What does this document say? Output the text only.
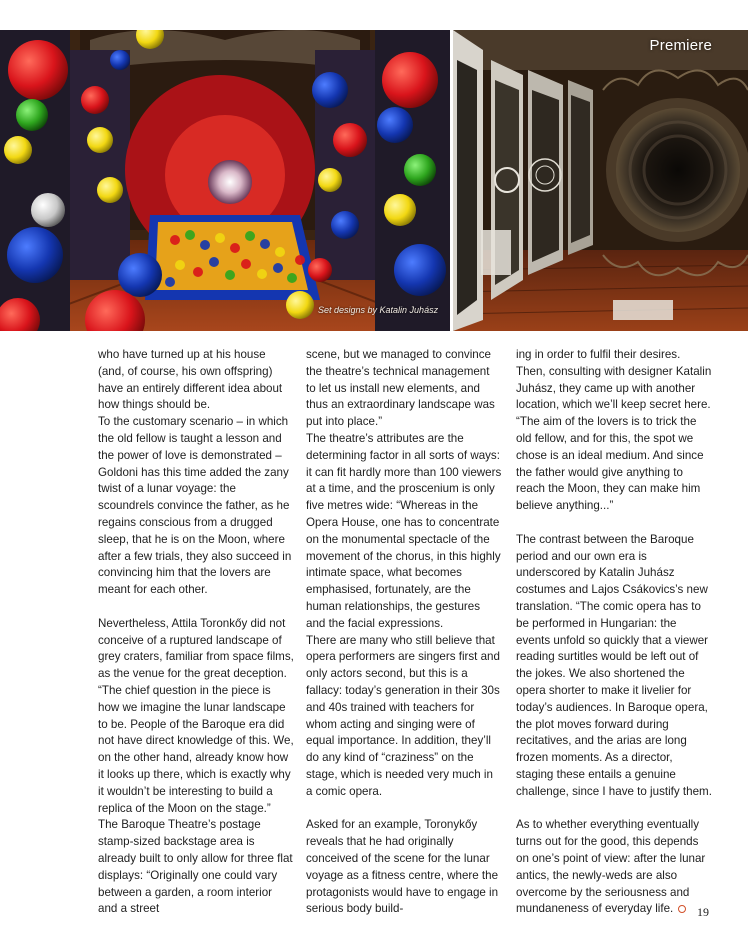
Premiere
Set designs by Katalin Juhász

who have turned up at his house (and, of course, his own offspring) have an entirely different idea about how things should be.

To the customary scenario – in which the old fellow is taught a lesson and the power of love is demonstrated – Goldoni has this time added the zany twist of a lunar voyage: the scoundrels convince the father, as he regains conscious from a drugged sleep, that he is on the Moon, where after a few trials, they also succeed in convincing him that the lovers are meant for each other.

Nevertheless, Attila Toronkőy did not conceive of a ruptured landscape of grey craters, familiar from space films, as the venue for the great deception. “The chief question in the piece is how we imagine the lunar landscape to be. People of the Baroque era did not have direct knowledge of this. We, on the other hand, already know how it looks up there, which is exactly why it wouldn’t be interesting to build a replica of the Moon on the stage.”

The Baroque Theatre’s postage stamp-sized backstage area is already built to only allow for three flat displays: “Originally one could vary between a garden, a room interior and a street

scene, but we managed to convince the theatre’s technical management to let us install new elements, and thus an extraordinary landscape was put into place.”

The theatre’s attributes are the determining factor in all sorts of ways: it can fit hardly more than 100 viewers at a time, and the proscenium is only five metres wide: “Whereas in the Opera House, one has to concentrate on the monumental spectacle of the movement of the chorus, in this highly intimate space, what becomes emphasised, fortunately, are the human relationships, the gestures and the facial expressions.

There are many who still believe that opera performers are singers first and only actors second, but this is a fallacy: today’s generation in their 30s and 40s trained with teachers for whom acting and singing were of equal importance. In addition, they’ll do any kind of “craziness” on the stage, which is needed very much in a comic opera.

Asked for an example, Toronykőy reveals that he had originally conceived of the scene for the lunar voyage as a fitness centre, where the protagonists would have to engage in serious body build-

ing in order to fulfil their desires. Then, consulting with designer Katalin Juhász, they came up with another location, which we’ll keep secret here. “The aim of the lovers is to trick the old fellow, and for this, the spot we chose is an ideal medium. And since the father would give anything to reach the Moon, they can make him believe anything...”

The contrast between the Baroque period and our own era is underscored by Katalin Juhász costumes and Lajos Csákovics’s new translation. “The comic opera has to be performed in Hungarian: the events unfold so quickly that a viewer reading surtitles would be left out of the jokes. We also shortened the opera shorter to make it livelier for today’s audiences. In Baroque opera, the plot moves forward during recitatives, and the arias are long frozen moments. As a director, staging these entails a genuine challenge, since I have to justify them.

As to whether everything eventually turns out for the good, this depends on one’s point of view: after the lunar antics, the newly-weds are also overcome by the seriousness and mundaneness of everyday life.	19
